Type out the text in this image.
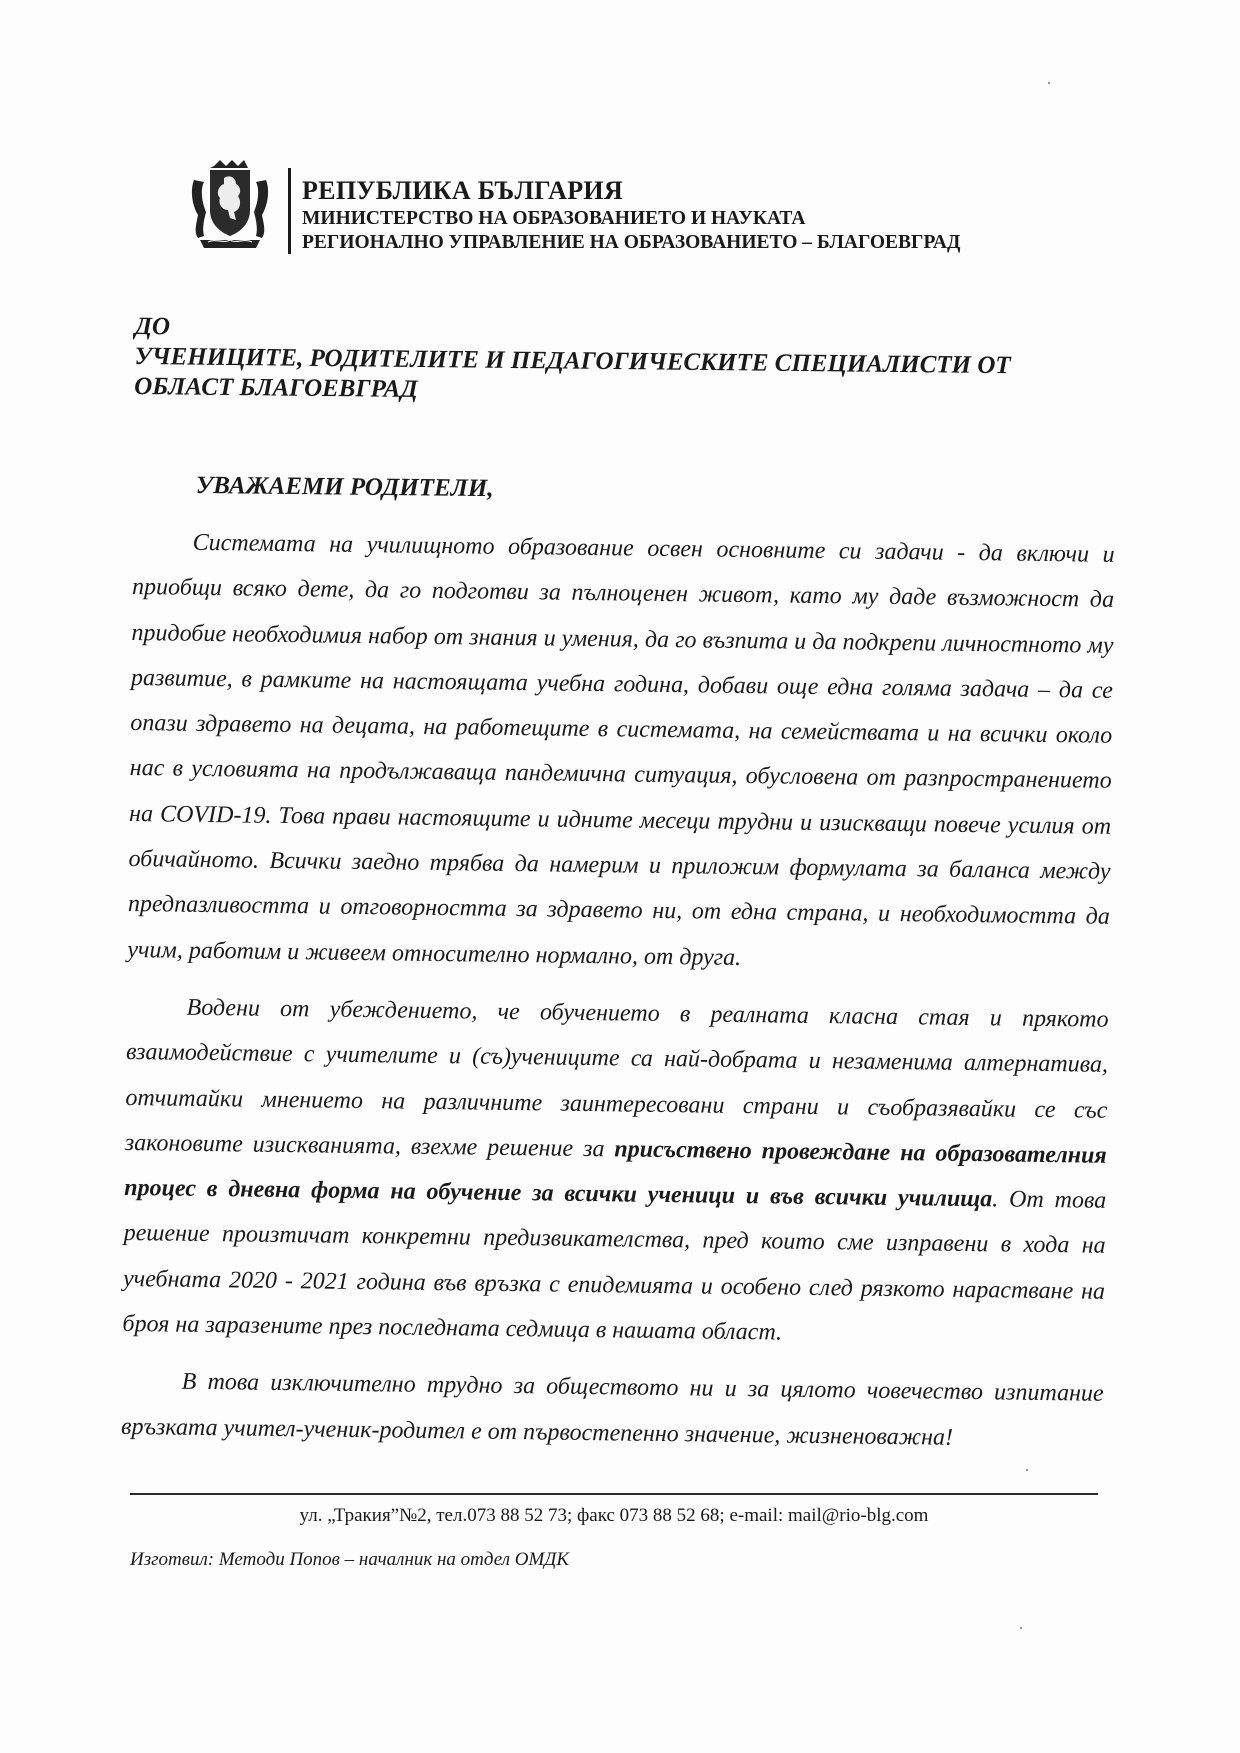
РЕПУБЛИКА БЪЛГАРИЯ
МИНИСТЕРСТВО НА ОБРАЗОВАНИЕТО И НАУКАТА
РЕГИОНАЛНО УПРАВЛЕНИЕ НА ОБРАЗОВАНИЕТО – БЛАГОЕВГРАД
ДО
УЧЕНИЦИТЕ, РОДИТЕЛИТЕ И ПЕДАГОГИЧЕСКИТЕ СПЕЦИАЛИСТИ ОТ
ОБЛАСТ БЛАГОЕВГРАД
УВАЖАЕМИ РОДИТЕЛИ,

Системата на училищното образование освен основните си задачи - да включи и приобщи всяко дете, да го подготви за пълноценен живот, като му даде възможност да придобие необходимия набор от знания и умения, да го възпита и да подкрепи личностното му развитие, в рамките на настоящата учебна година, добави още една голяма задача – да се опази здравето на децата, на работещите в системата, на семействата и на всички около нас в условията на продължаваща пандемична ситуация, обусловена от разпространението на COVID-19. Това прави настоящите и идните месеци трудни и изискващи повече усилия от обичайното. Всички заедно трябва да намерим и приложим формулата за баланса между предпазливостта и отговорността за здравето ни, от една страна, и необходимостта да учим, работим и живеем относително нормално, от друга.

Водени от убеждението, че обучението в реалната класна стая и прякото взаимодействие с учителите и (съ)учениците са най-добрата и незаменима алтернатива, отчитайки мнението на различните заинтересовани страни и съобразявайки се със законовите изискванията, взехме решение за присъствено провеждане на образователния процес в дневна форма на обучение за всички ученици и във всички училища. От това решение произтичат конкретни предизвикателства, пред които сме изправени в хода на учебната 2020 - 2021 година във връзка с епидемията и особено след рязкото нарастване на броя на заразените през последната седмица в нашата област.

В това изключително трудно за обществото ни и за цялото човечество изпитание връзката учител-ученик-родител е от първостепенно значение, жизненоважна!

ул. „Тракия”№2, тел.073 88 52 73; факс 073 88 52 68; e-mail: mail@rio-blg.com
Изготвил: Методи Попов – началник на отдел ОМДК
